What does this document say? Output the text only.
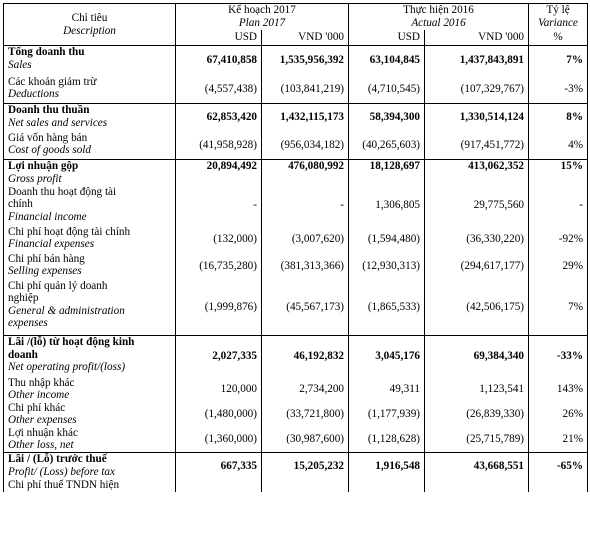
Chỉ tiêu
Description	Kế hoạch 2017
Plan 2017		Thực hiện 2016
Actual 2016		Tỷ lệ
Variance

	USD	VND '000	USD	VND '000	%

Tổng doanh thu
Sales	67,410,858	1,535,956,392	63,104,845	1,437,843,891	7%

Các khoản giảm trừ
Deductions	(4,557,438)	(103,841,219)	(4,710,545)	(107,329,767)	-3%

Doanh thu thuần
Net sales and services	62,853,420	1,432,115,173	58,394,300	1,330,514,124	8%

Giá vốn hàng bán
Cost of goods sold	(41,958,928)	(956,034,182)	(40,265,603)	(917,451,772)	4%

Lợi nhuận gộp
Gross profit	20,894,492	476,080,992	18,128,697	413,062,352	15%

Doanh thu hoạt động tài
chính
Financial income	-	-	1,306,805	29,775,560	-

Chi phí hoạt động tài chính
Financial expenses	(132,000)	(3,007,620)	(1,594,480)	(36,330,220)	-92%

Chi phí bán hàng
Selling expenses	(16,735,280)	(381,313,366)	(12,930,313)	(294,617,177)	29%

Chi phí quản lý doanh
nghiệp
General & administration
expenses	(1,999,876)	(45,567,173)	(1,865,533)	(42,506,175)	7%

Lãi /(lỗ) từ hoạt động kinh
doanh
Net operating profit/(loss)	2,027,335	46,192,832	3,045,176	69,384,340	-33%

Thu nhập khác
Other income	120,000	2,734,200	49,311	1,123,541	143%

Chi phí khác
Other expenses	(1,480,000)	(33,721,800)	(1,177,939)	(26,839,330)	26%

Lợi nhuận khác
Other loss, net	(1,360,000)	(30,987,600)	(1,128,628)	(25,715,789)	21%

Lãi / (Lỗ) trước thuế
Profit/ (Loss) before tax	667,335	15,205,232	1,916,548	43,668,551	-65%

Chi phí thuế TNDN hiện					
